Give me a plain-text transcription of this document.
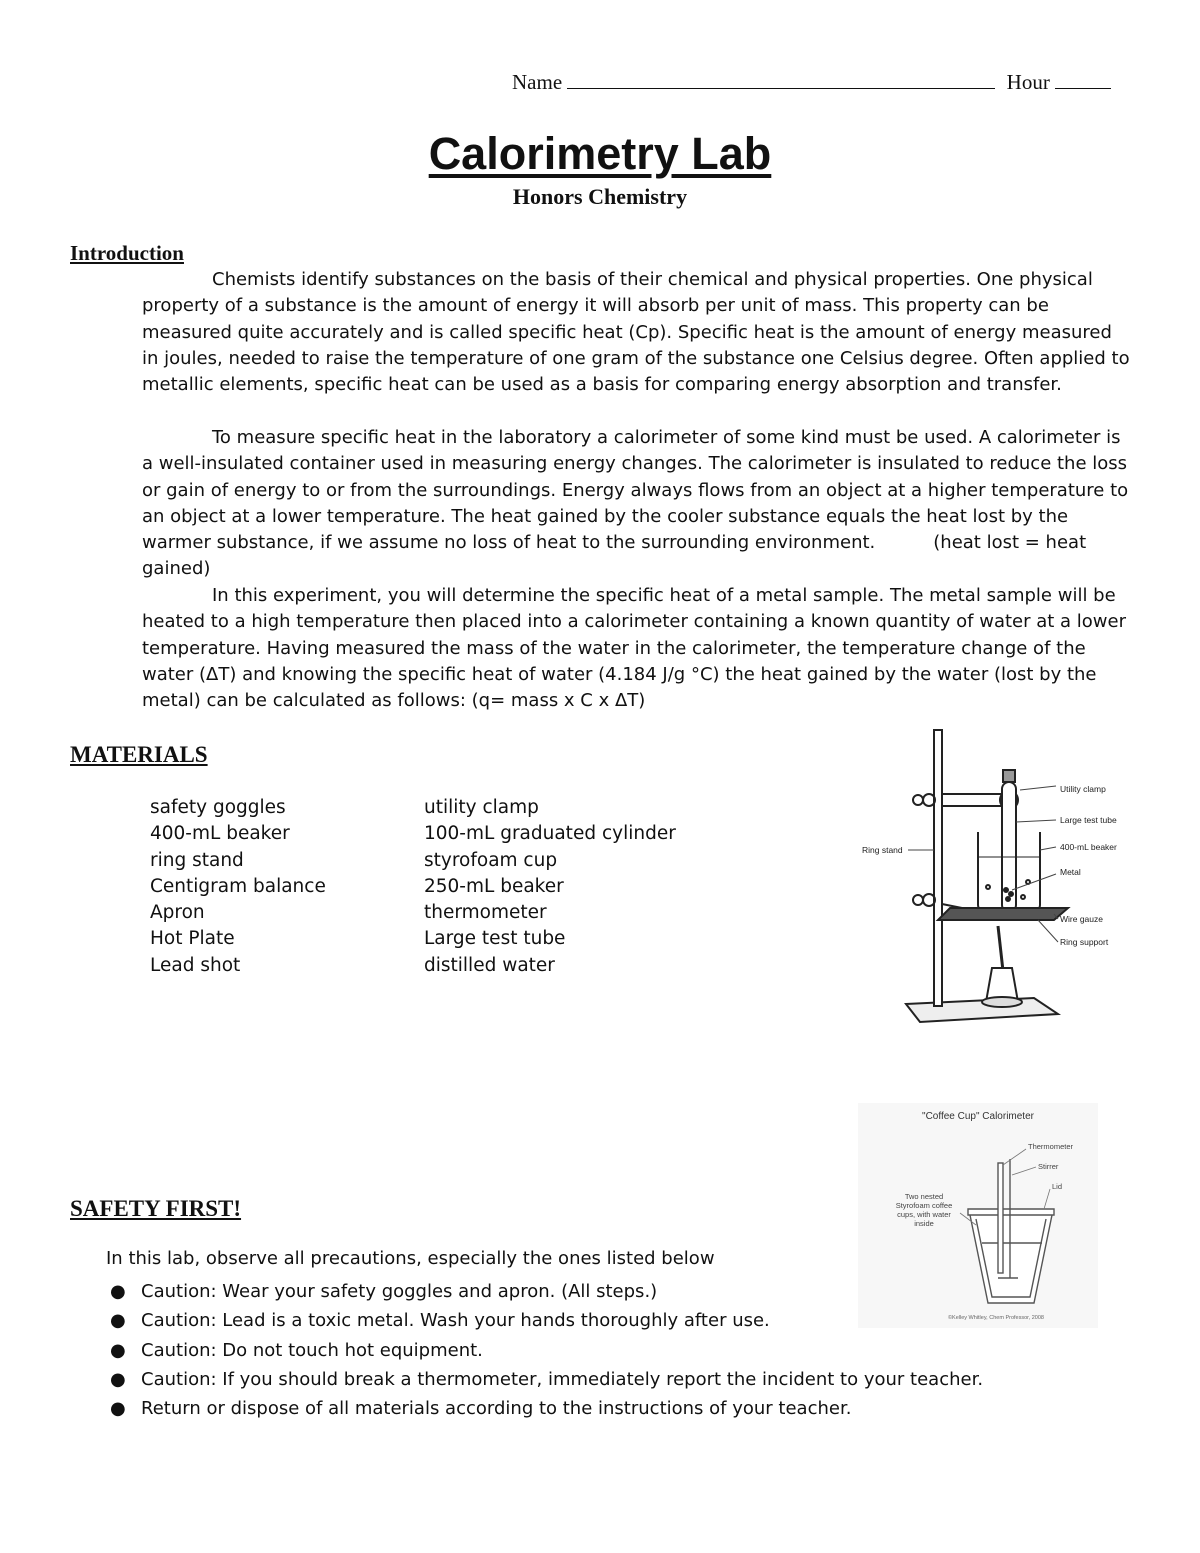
Name	Hour
Calorimetry Lab
Honors Chemistry
Introduction

Chemists identify substances on the basis of their chemical and physical properties. One physical property of a substance is the amount of energy it will absorb per unit of mass. This property can be measured quite accurately and is called specific heat (Cp). Specific heat is the amount of energy measured in joules, needed to raise the temperature of one gram of the substance one Celsius degree. Often applied to metallic elements, specific heat can be used as a basis for comparing energy absorption and transfer.

To measure specific heat in the laboratory a calorimeter of some kind must be used. A calorimeter is a well-insulated container used in measuring energy changes. The calorimeter is insulated to reduce the loss or gain of energy to or from the surroundings. Energy always flows from an object at a higher temperature to an object at a lower temperature. The heat gained by the cooler substance equals the heat lost by the warmer substance, if we assume no loss of heat to the surrounding environment.	(heat lost = heat gained)

In this experiment, you will determine the specific heat of a metal sample. The metal sample will be heated to a high temperature then placed into a calorimeter containing a known quantity of water at a lower temperature. Having measured the mass of the water in the calorimeter, the temperature change of the water (ΔT) and knowing the specific heat of water (4.184 J/g °C) the heat gained by the water (lost by the metal) can be calculated as follows: (q= mass x C x ΔT)

MATERIALS
safety goggles
400-mL beaker
ring stand
Centigram balance
Apron
Hot Plate
Lead shot
utility clamp
100-mL graduated cylinder
styrofoam cup
250-mL beaker
thermometer
Large test tube
distilled water
Ring stand
Utility clamp
Large test tube
400-mL beaker
Metal
Wire gauze
Ring support
"Coffee Cup" Calorimeter
Thermometer
Stirrer
Lid
Two nested
Styrofoam coffee
cups, with water
inside
©Kelley Whitley, Chem Professor, 2008
SAFETY FIRST!
In this lab, observe all precautions, especially the ones listed below
● Caution: Wear your safety goggles and apron. (All steps.)
● Caution: Lead is a toxic metal. Wash your hands thoroughly after use.
● Caution: Do not touch hot equipment.
● Caution: If you should break a thermometer, immediately report the incident to your teacher.
● Return or dispose of all materials according to the instructions of your teacher.
